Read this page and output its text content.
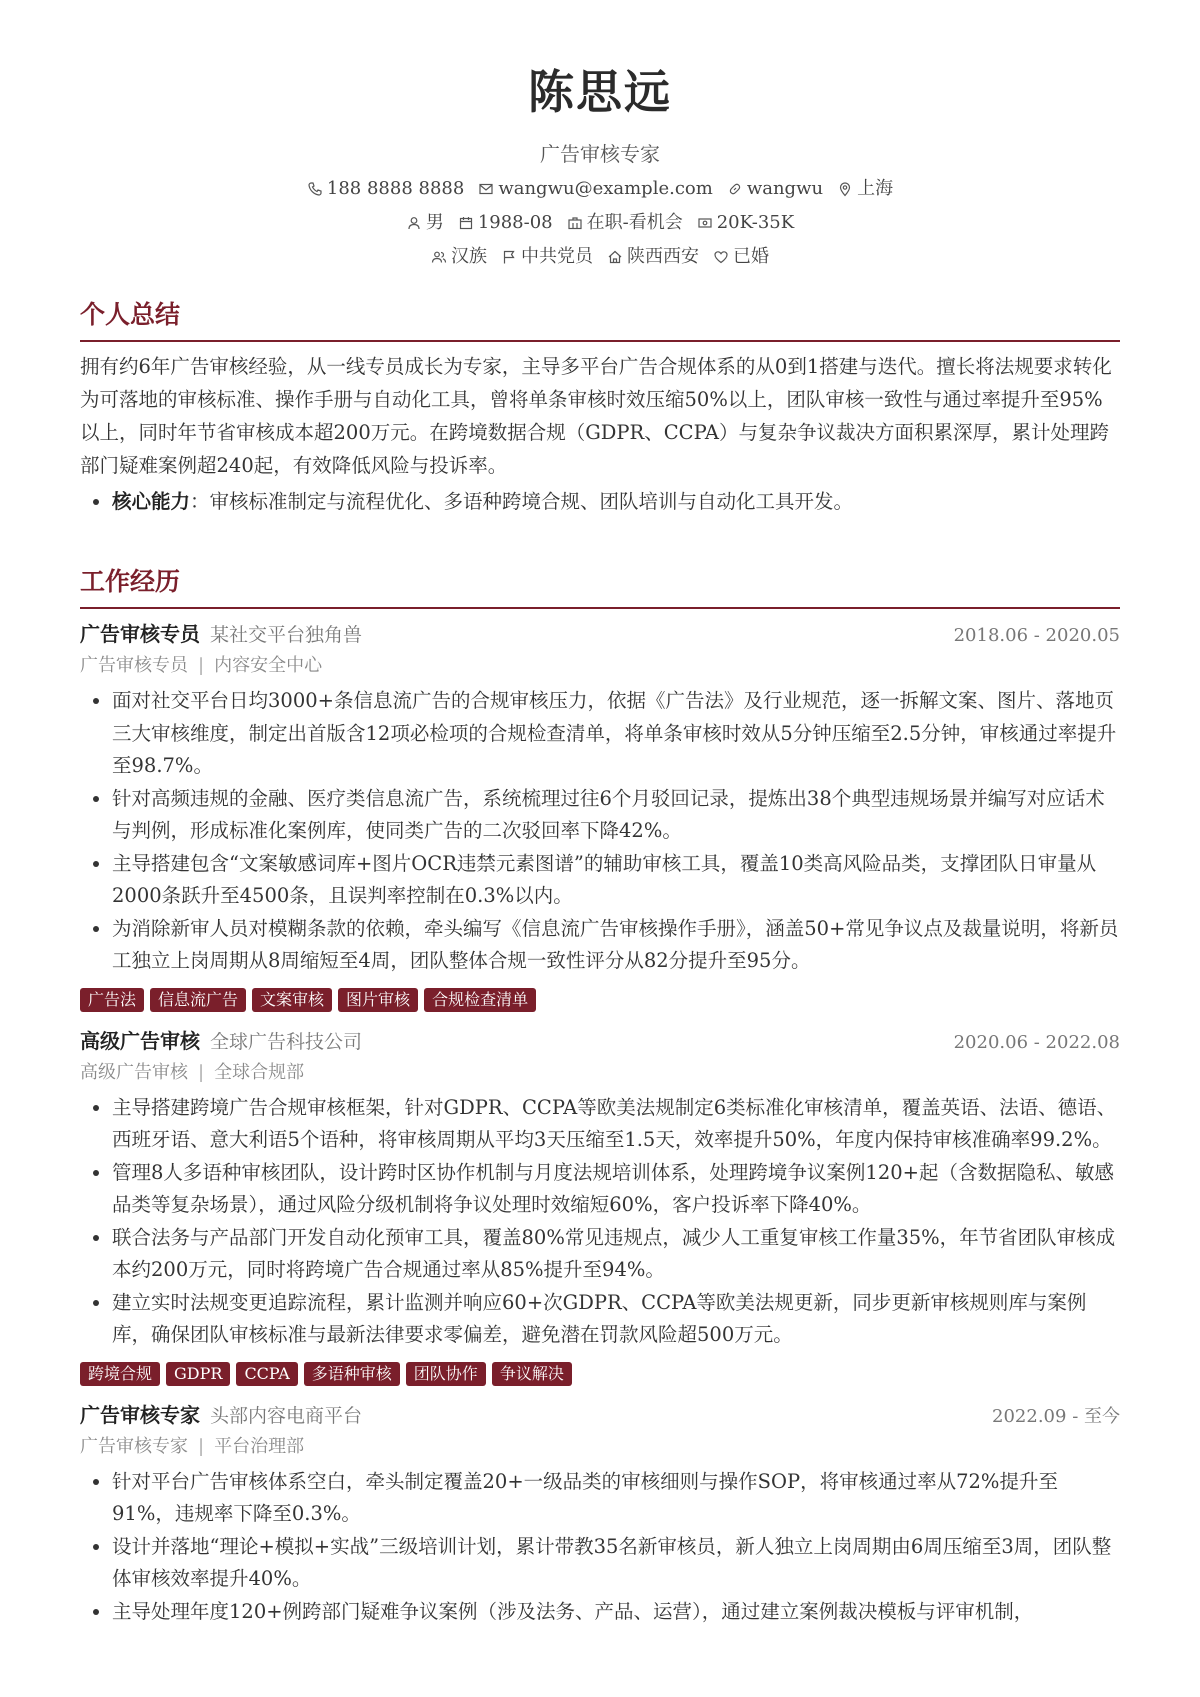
陈思远
广告审核专家
188 8888 8888 wangwu@example.com wangwu 上海
男 1988-08 在职-看机会 20K-35K
汉族 中共党员 陕西西安 已婚
个人总结
拥有约6年广告审核经验，从一线专员成长为专家，主导多平台广告合规体系的从0到1搭建与迭代。擅长将法规要求转化为可落地的审核标准、操作手册与自动化工具，曾将单条审核时效压缩50%以上，团队审核一致性与通过率提升至95%以上，同时年节省审核成本超200万元。在跨境数据合规（GDPR、CCPA）与复杂争议裁决方面积累深厚，累计处理跨部门疑难案例超240起，有效降低风险与投诉率。
• 核心能力：审核标准制定与流程优化、多语种跨境合规、团队培训与自动化工具开发。
工作经历
广告审核专员 某社交平台独角兽	2018.06 - 2020.05
广告审核专员 | 内容安全中心
• 面对社交平台日均3000+条信息流广告的合规审核压力，依据《广告法》及行业规范，逐一拆解文案、图片、落地页三大审核维度，制定出首版含12项必检项的合规检查清单，将单条审核时效从5分钟压缩至2.5分钟，审核通过率提升至98.7%。
• 针对高频违规的金融、医疗类信息流广告，系统梳理过往6个月驳回记录，提炼出38个典型违规场景并编写对应话术与判例，形成标准化案例库，使同类广告的二次驳回率下降42%。
• 主导搭建包含“文案敏感词库+图片OCR违禁元素图谱”的辅助审核工具，覆盖10类高风险品类，支撑团队日审量从2000条跃升至4500条，且误判率控制在0.3%以内。
• 为消除新审人员对模糊条款的依赖，牵头编写《信息流广告审核操作手册》，涵盖50+常见争议点及裁量说明，将新员工独立上岗周期从8周缩短至4周，团队整体合规一致性评分从82分提升至95分。
广告法	信息流广告	文案审核	图片审核	合规检查清单
高级广告审核 全球广告科技公司	2020.06 - 2022.08
高级广告审核 | 全球合规部
• 主导搭建跨境广告合规审核框架，针对GDPR、CCPA等欧美法规制定6类标准化审核清单，覆盖英语、法语、德语、西班牙语、意大利语5个语种，将审核周期从平均3天压缩至1.5天，效率提升50%，年度内保持审核准确率99.2%。
• 管理8人多语种审核团队，设计跨时区协作机制与月度法规培训体系，处理跨境争议案例120+起（含数据隐私、敏感品类等复杂场景），通过风险分级机制将争议处理时效缩短60%，客户投诉率下降40%。
• 联合法务与产品部门开发自动化预审工具，覆盖80%常见违规点，减少人工重复审核工作量35%，年节省团队审核成本约200万元，同时将跨境广告合规通过率从85%提升至94%。
• 建立实时法规变更追踪流程，累计监测并响应60+次GDPR、CCPA等欧美法规更新，同步更新审核规则库与案例库，确保团队审核标准与最新法律要求零偏差，避免潜在罚款风险超500万元。
跨境合规	GDPR	CCPA	多语种审核	团队协作	争议解决
广告审核专家 头部内容电商平台	2022.09 - 至今
广告审核专家 | 平台治理部
• 针对平台广告审核体系空白，牵头制定覆盖20+一级品类的审核细则与操作SOP，将审核通过率从72%提升至91%，违规率下降至0.3%。
• 设计并落地“理论+模拟+实战”三级培训计划，累计带教35名新审核员，新人独立上岗周期由6周压缩至3周，团队整体审核效率提升40%。
• 主导处理年度120+例跨部门疑难争议案例（涉及法务、产品、运营），通过建立案例裁决模板与评审机制，
